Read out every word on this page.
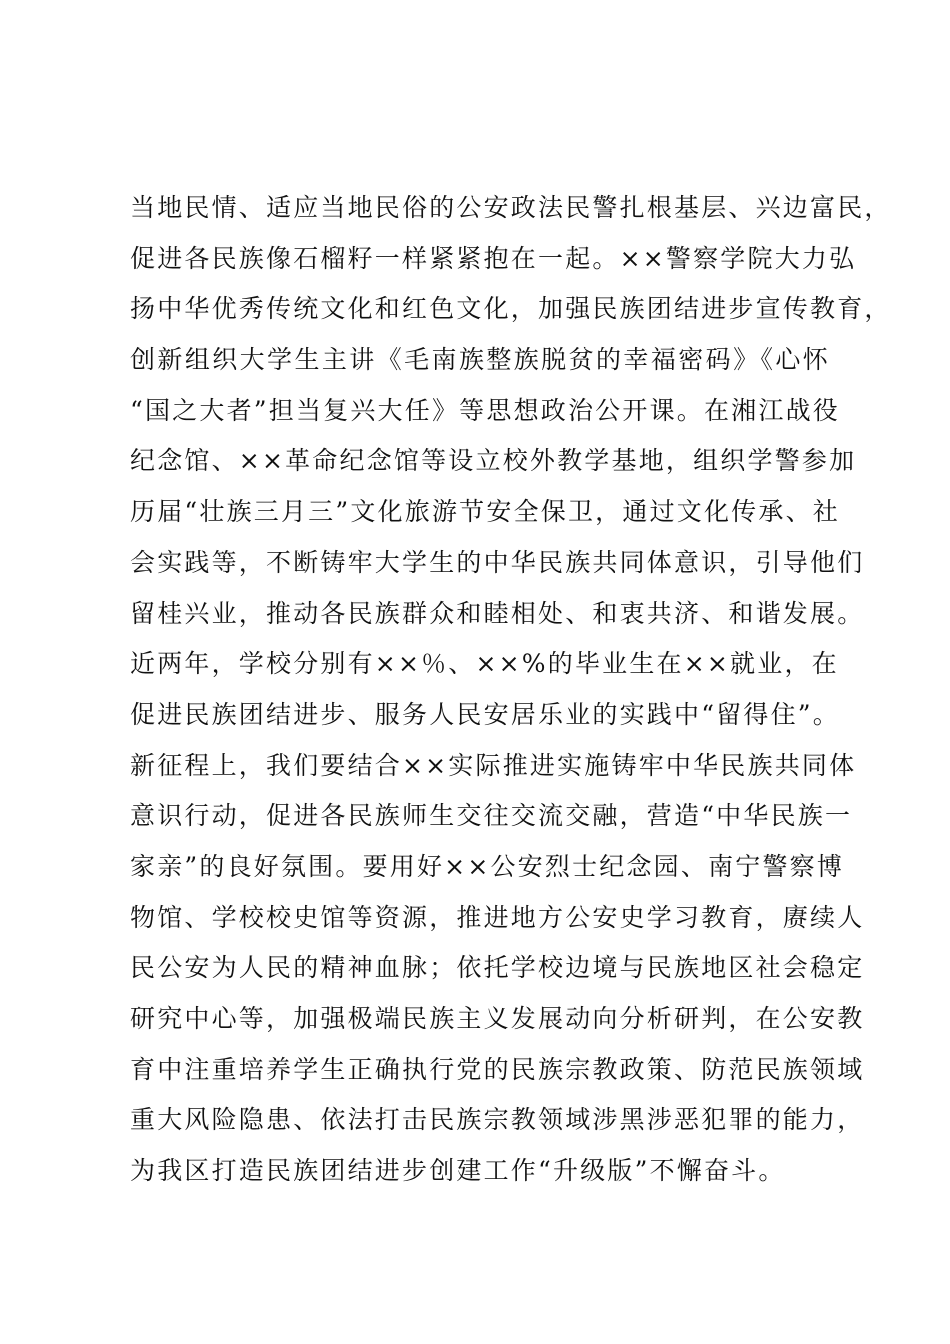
当地民情、适应当地民俗的公安政法民警扎根基层、兴边富民，
促进各民族像石榴籽一样紧紧抱在一起。××警察学院大力弘
扬中华优秀传统文化和红色文化，加强民族团结进步宣传教育，
创新组织大学生主讲《毛南族整族脱贫的幸福密码》《心怀
“国之大者”担当复兴大任》等思想政治公开课。在湘江战役
纪念馆、××革命纪念馆等设立校外教学基地，组织学警参加
历届“壮族三月三”文化旅游节安全保卫，通过文化传承、社
会实践等，不断铸牢大学生的中华民族共同体意识，引导他们
留桂兴业，推动各民族群众和睦相处、和衷共济、和谐发展。
近两年，学校分别有××％、××%的毕业生在××就业，在
促进民族团结进步、服务人民安居乐业的实践中“留得住”。
新征程上，我们要结合××实际推进实施铸牢中华民族共同体
意识行动，促进各民族师生交往交流交融，营造“中华民族一
家亲”的良好氛围。要用好××公安烈士纪念园、南宁警察博
物馆、学校校史馆等资源，推进地方公安史学习教育，赓续人
民公安为人民的精神血脉；依托学校边境与民族地区社会稳定
研究中心等，加强极端民族主义发展动向分析研判，在公安教
育中注重培养学生正确执行党的民族宗教政策、防范民族领域
重大风险隐患、依法打击民族宗教领域涉黑涉恶犯罪的能力，
为我区打造民族团结进步创建工作“升级版”不懈奋斗。
